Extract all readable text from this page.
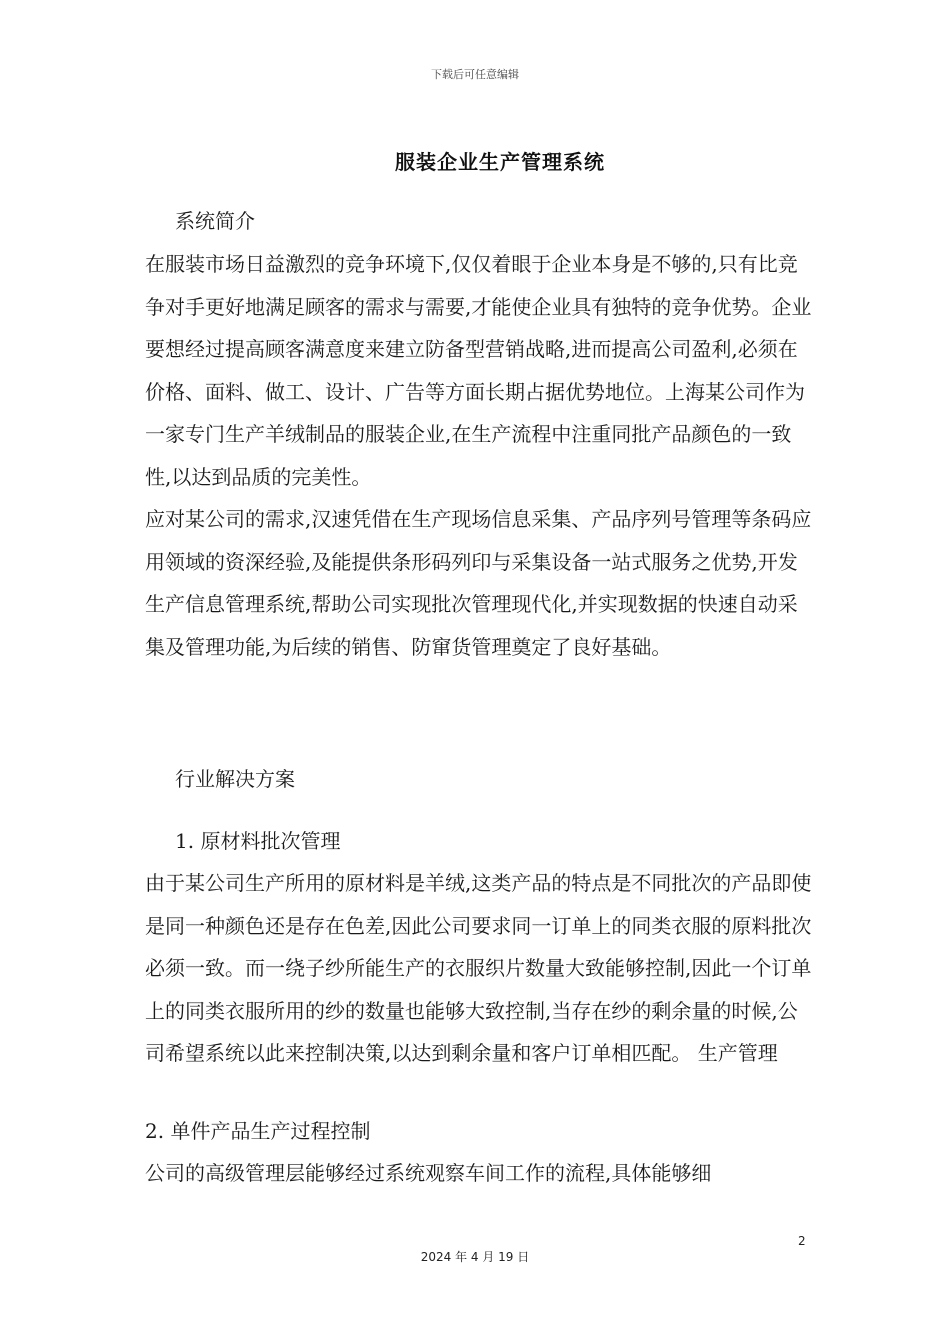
下载后可任意编辑
服装企业生产管理系统
系统简介

在服装市场日益激烈的竞争环境下,仅仅着眼于企业本身是不够的,只有比竞争对手更好地满足顾客的需求与需要,才能使企业具有独特的竞争优势。企业要想经过提高顾客满意度来建立防备型营销战略,进而提高公司盈利,必须在价格、面料、做工、设计、广告等方面长期占据优势地位。上海某公司作为一家专门生产羊绒制品的服装企业,在生产流程中注重同批产品颜色的一致性,以达到品质的完美性。

应对某公司的需求,汉速凭借在生产现场信息采集、产品序列号管理等条码应用领域的资深经验,及能提供条形码列印与采集设备一站式服务之优势,开发生产信息管理系统,帮助公司实现批次管理现代化,并实现数据的快速自动采集及管理功能,为后续的销售、防窜货管理奠定了良好基础。

行业解决方案
1. 原材料批次管理

由于某公司生产所用的原材料是羊绒,这类产品的特点是不同批次的产品即使是同一种颜色还是存在色差,因此公司要求同一订单上的同类衣服的原料批次必须一致。而一绕子纱所能生产的衣服织片数量大致能够控制,因此一个订单上的同类衣服所用的纱的数量也能够大致控制,当存在纱的剩余量的时候,公司希望系统以此来控制决策,以达到剩余量和客户订单相匹配。 生产管理

2. 单件产品生产过程控制

公司的高级管理层能够经过系统观察车间工作的流程,具体能够细

2
2024 年 4 月 19 日
